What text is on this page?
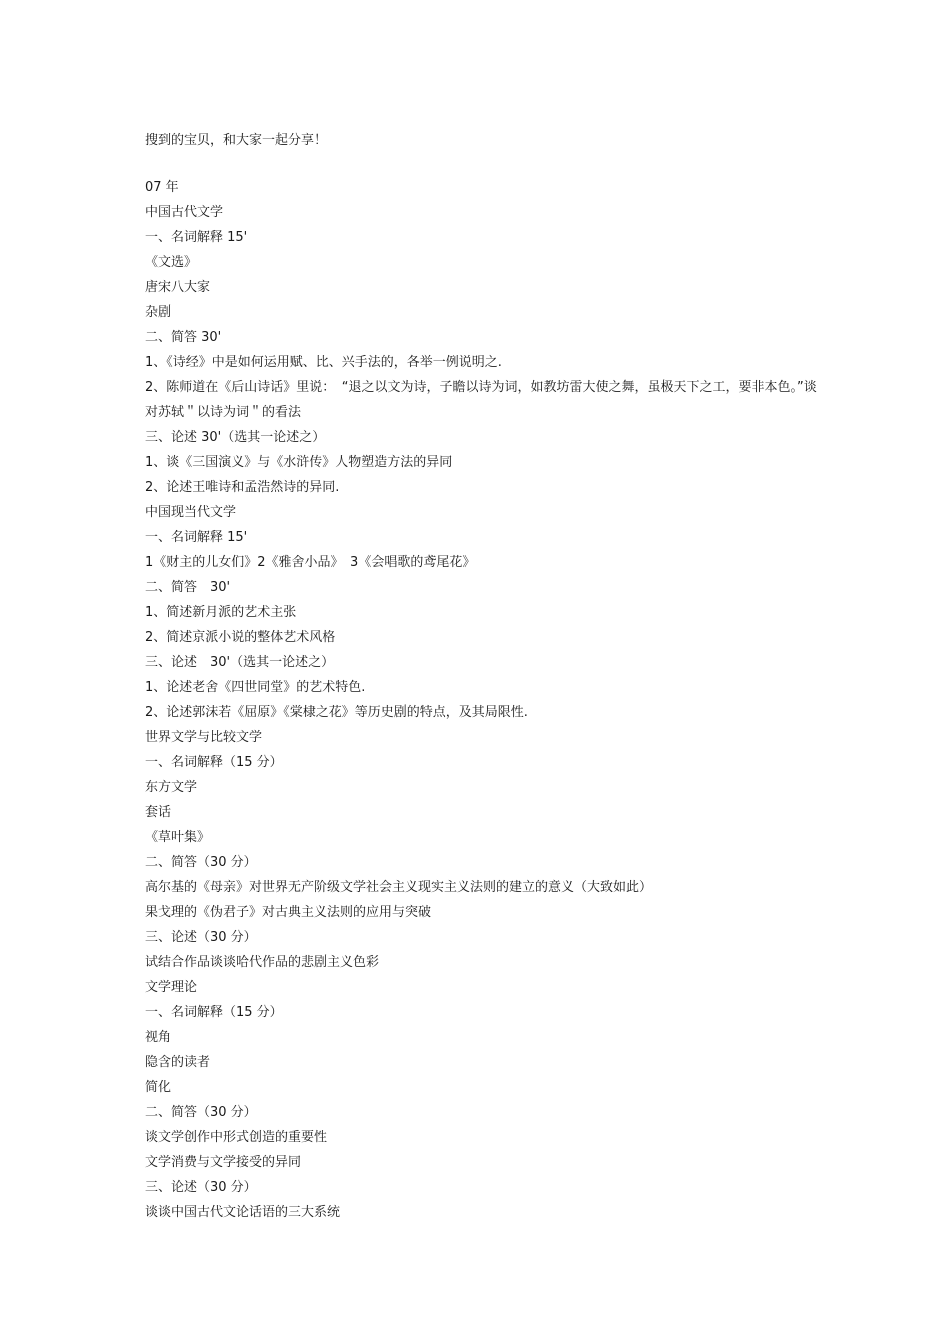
搜到的宝贝，和大家一起分享！
07 年
中国古代文学
一、名词解释 15'
《文选》
唐宋八大家
杂剧
二、简答 30'
1、《诗经》中是如何运用赋、比、兴手法的，各举一例说明之.
2、陈师道在《后山诗话》里说：　“退之以文为诗，子瞻以诗为词，如教坊雷大使之舞，虽极天下之工，要非本色。”谈对苏轼＂以诗为词＂的看法
三、论述 30'（选其一论述之）
1、谈《三国演义》与《水浒传》人物塑造方法的异同
2、论述王唯诗和孟浩然诗的异同.
中国现当代文学
一、名词解释 15'
1《财主的儿女们》2《雅舍小品》　3《会唱歌的鸢尾花》
二、简答　30'
1、简述新月派的艺术主张
2、简述京派小说的整体艺术风格
三、论述　30'（选其一论述之）
1、论述老舍《四世同堂》的艺术特色.
2、论述郭沫若《屈原》《棠棣之花》等历史剧的特点，及其局限性.
世界文学与比较文学
一、名词解释（15 分）
东方文学
套话
《草叶集》
二、简答（30 分）
高尔基的《母亲》对世界无产阶级文学社会主义现实主义法则的建立的意义（大致如此）
果戈理的《伪君子》对古典主义法则的应用与突破
三、论述（30 分）
试结合作品谈谈哈代作品的悲剧主义色彩
文学理论
一、名词解释（15 分）
视角
隐含的读者
简化
二、简答（30 分）
谈文学创作中形式创造的重要性
文学消费与文学接受的异同
三、论述（30 分）
谈谈中国古代文论话语的三大系统
